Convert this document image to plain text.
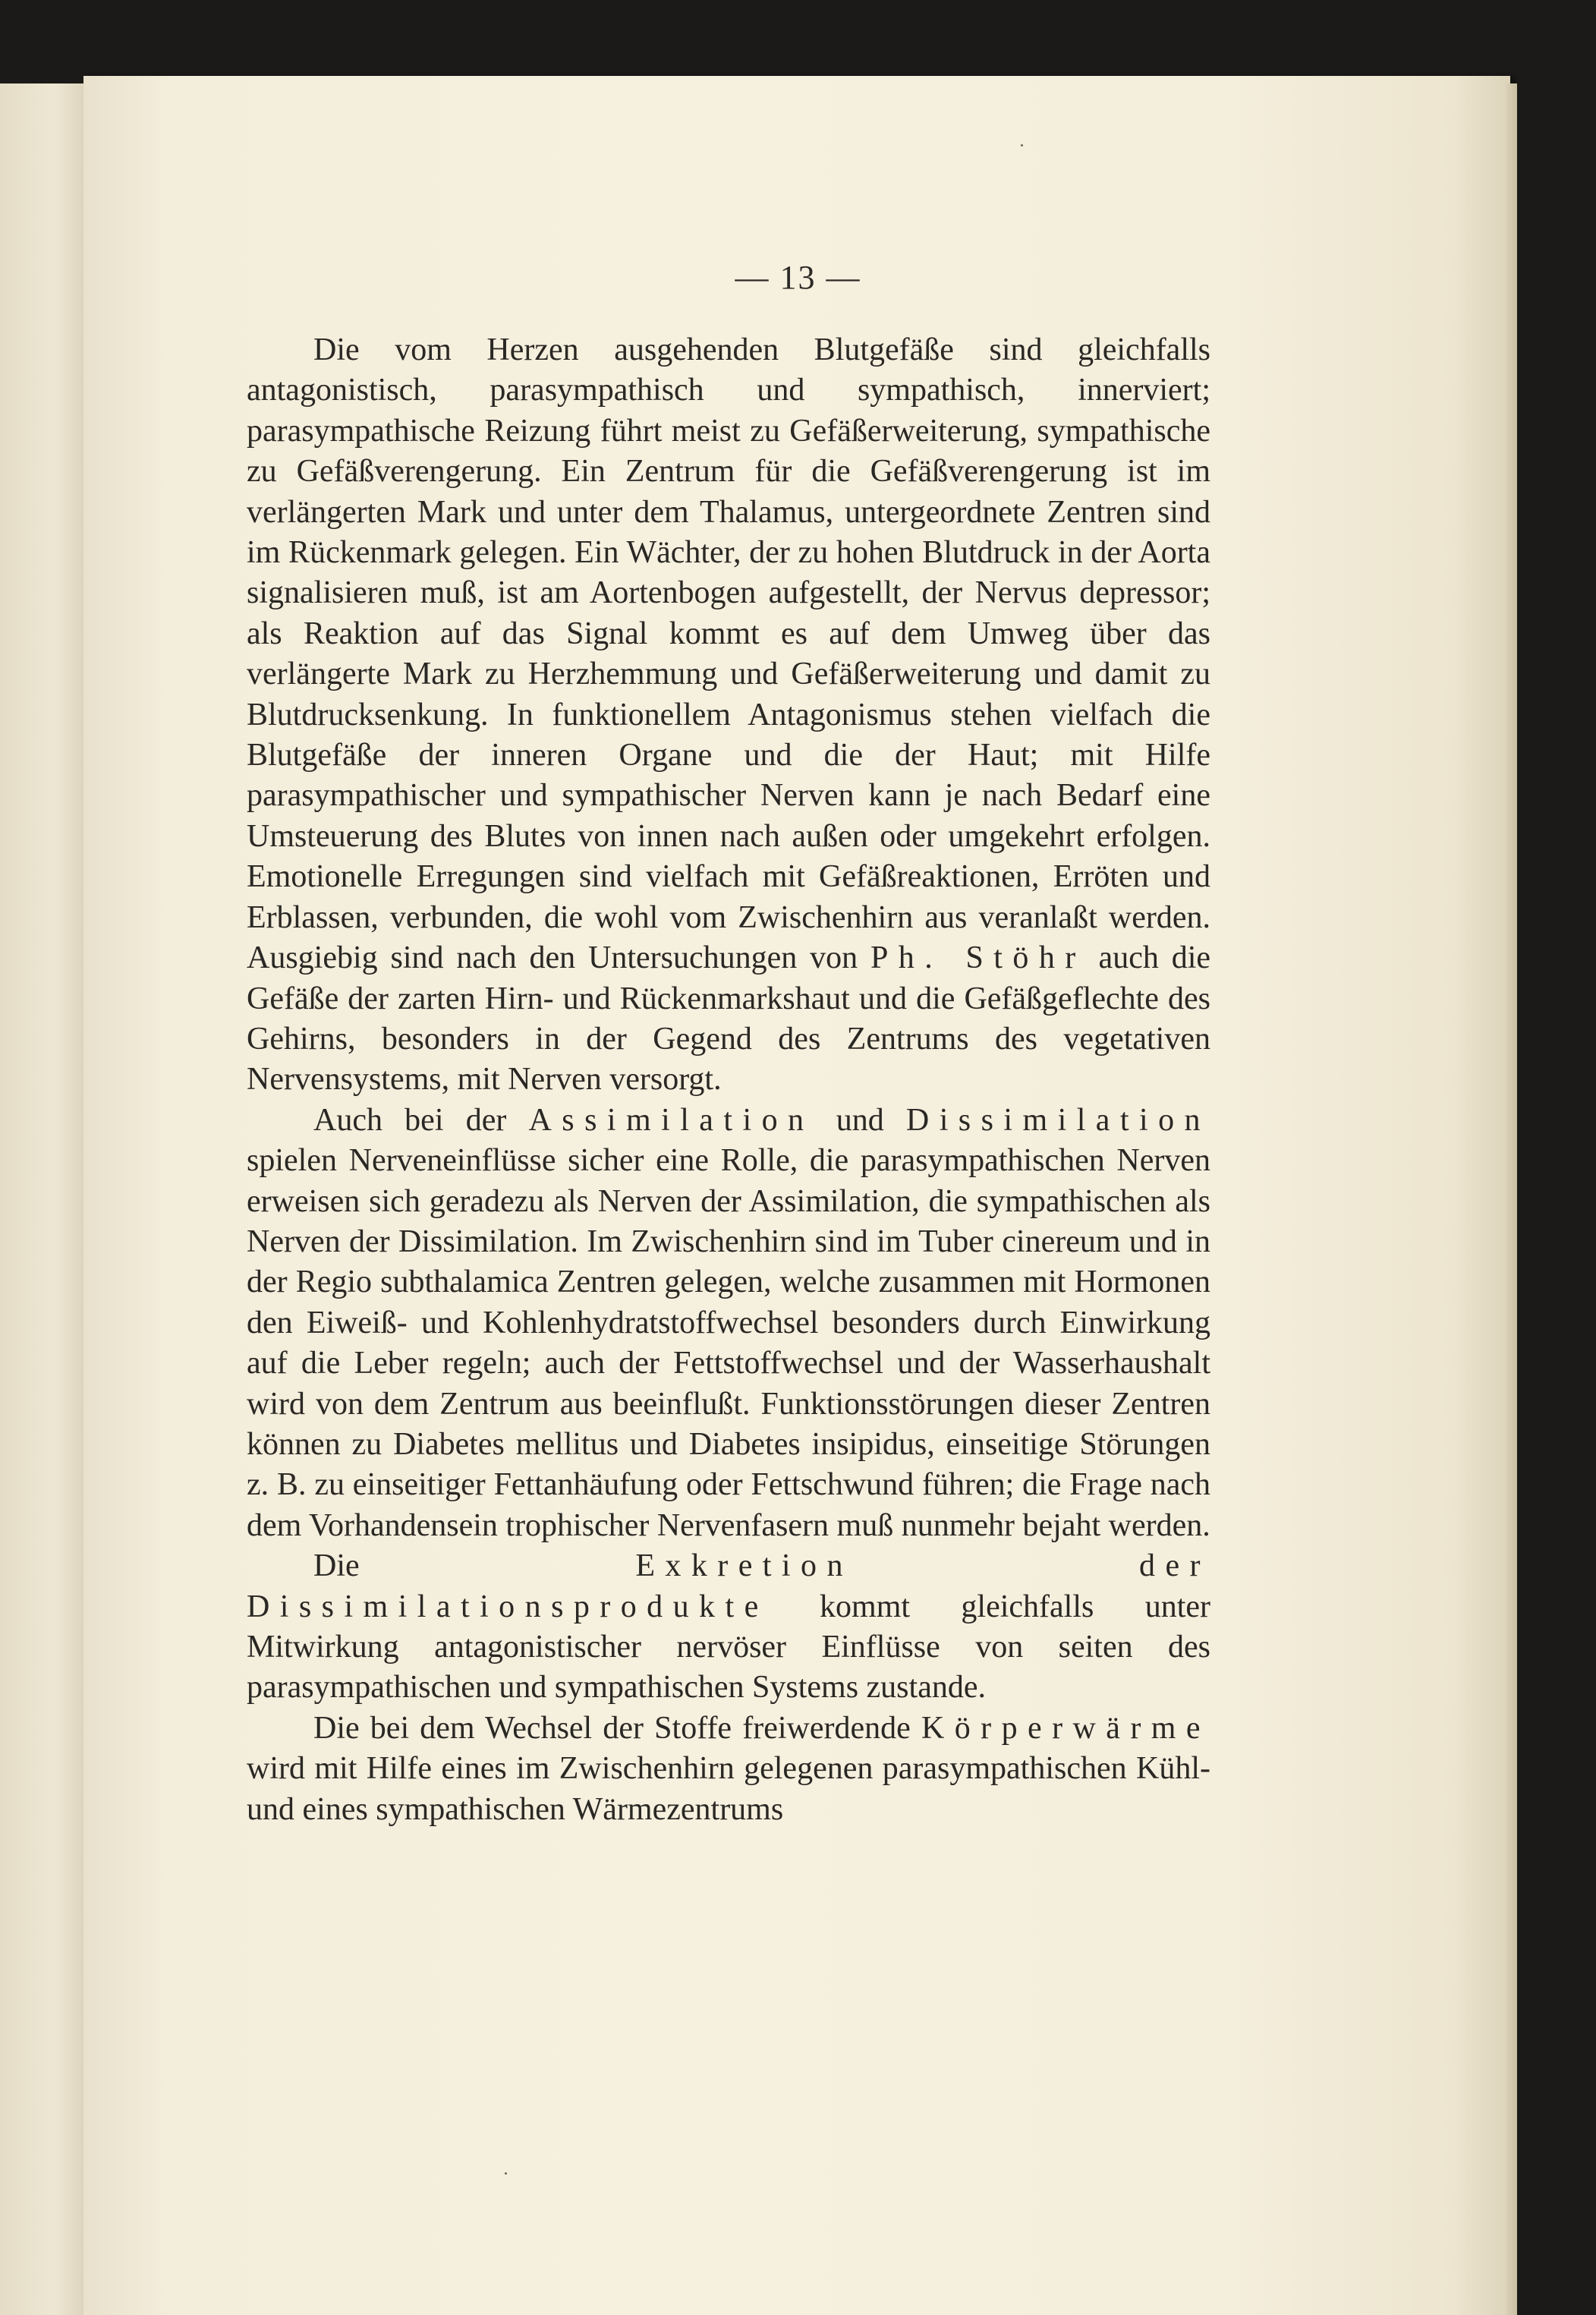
— 13 —

Die vom Herzen ausgehenden Blutgefäße sind gleichfalls antagonistisch, parasympathisch und sympathisch, innerviert; parasympathische Reizung führt meist zu Gefäßerweiterung, sympathische zu Gefäßverengerung. Ein Zentrum für die Gefäßverengerung ist im verlängerten Mark und unter dem Thalamus, untergeordnete Zentren sind im Rückenmark gelegen. Ein Wächter, der zu hohen Blutdruck in der Aorta signalisieren muß, ist am Aortenbogen aufgestellt, der Nervus depressor; als Reaktion auf das Signal kommt es auf dem Umweg über das verlängerte Mark zu Herzhemmung und Gefäßerweiterung und damit zu Blutdrucksenkung. In funktionellem Antagonismus stehen vielfach die Blutgefäße der inneren Organe und die der Haut; mit Hilfe parasympathischer und sympathischer Nerven kann je nach Bedarf eine Umsteuerung des Blutes von innen nach außen oder umgekehrt erfolgen. Emotionelle Erregungen sind vielfach mit Gefäßreaktionen, Erröten und Erblassen, verbunden, die wohl vom Zwischenhirn aus veranlaßt werden. Ausgiebig sind nach den Untersuchungen von Ph. Stöhr auch die Gefäße der zarten Hirn- und Rückenmarkshaut und die Gefäßgeflechte des Gehirns, besonders in der Gegend des Zentrums des vegetativen Nervensystems, mit Nerven versorgt.

Auch bei der Assimilation und Dissimilation spielen Nerveneinflüsse sicher eine Rolle, die parasympathischen Nerven erweisen sich geradezu als Nerven der Assimilation, die sympathischen als Nerven der Dissimilation. Im Zwischenhirn sind im Tuber cinereum und in der Regio subthalamica Zentren gelegen, welche zusammen mit Hormonen den Eiweiß- und Kohlenhydratstoffwechsel besonders durch Einwirkung auf die Leber regeln; auch der Fettstoffwechsel und der Wasserhaushalt wird von dem Zentrum aus beeinflußt. Funktionsstörungen dieser Zentren können zu Diabetes mellitus und Diabetes insipidus, einseitige Störungen z. B. zu einseitiger Fettanhäufung oder Fettschwund führen; die Frage nach dem Vorhandensein trophischer Nervenfasern muß nunmehr bejaht werden.

Die Exkretion der Dissimilationsprodukte kommt gleichfalls unter Mitwirkung antagonistischer nervöser Einflüsse von seiten des parasympathischen und sympathischen Systems zustande.

Die bei dem Wechsel der Stoffe freiwerdende Körperwärme wird mit Hilfe eines im Zwischenhirn gelegenen parasympathischen Kühl- und eines sympathischen Wärmezentrums
